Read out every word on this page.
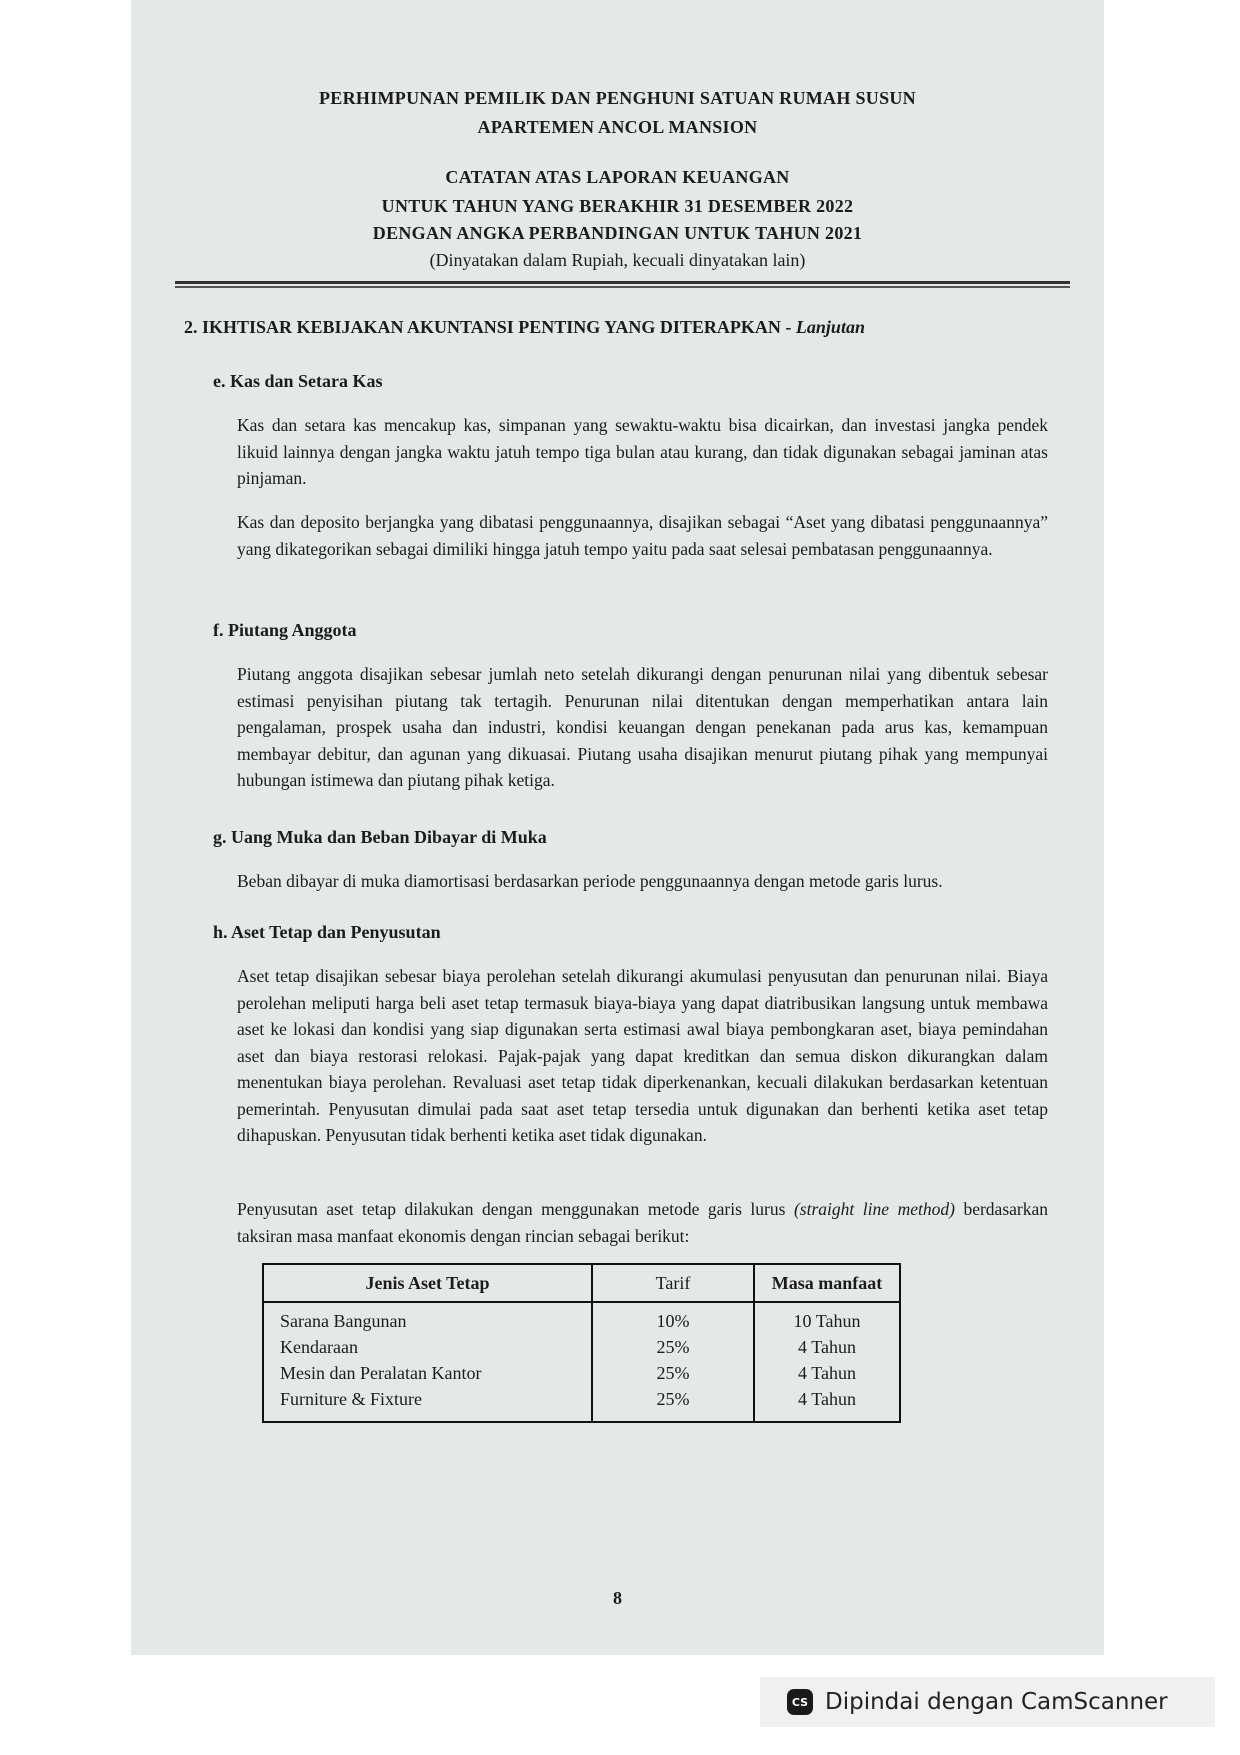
PERHIMPUNAN PEMILIK DAN PENGHUNI SATUAN RUMAH SUSUN
APARTEMEN ANCOL MANSION
CATATAN ATAS LAPORAN KEUANGAN
UNTUK TAHUN YANG BERAKHIR 31 DESEMBER 2022
DENGAN ANGKA PERBANDINGAN UNTUK TAHUN 2021
(Dinyatakan dalam Rupiah, kecuali dinyatakan lain)
2. IKHTISAR KEBIJAKAN AKUNTANSI PENTING YANG DITERAPKAN - Lanjutan
e. Kas dan Setara Kas

Kas dan setara kas mencakup kas, simpanan yang sewaktu-waktu bisa dicairkan, dan investasi jangka pendek likuid lainnya dengan jangka waktu jatuh tempo tiga bulan atau kurang, dan tidak digunakan sebagai jaminan atas pinjaman.

Kas dan deposito berjangka yang dibatasi penggunaannya, disajikan sebagai “Aset yang dibatasi penggunaannya” yang dikategorikan sebagai dimiliki hingga jatuh tempo yaitu pada saat selesai pembatasan penggunaannya.

f. Piutang Anggota

Piutang anggota disajikan sebesar jumlah neto setelah dikurangi dengan penurunan nilai yang dibentuk sebesar estimasi penyisihan piutang tak tertagih. Penurunan nilai ditentukan dengan memperhatikan antara lain pengalaman, prospek usaha dan industri, kondisi keuangan dengan penekanan pada arus kas, kemampuan membayar debitur, dan agunan yang dikuasai. Piutang usaha disajikan menurut piutang pihak yang mempunyai hubungan istimewa dan piutang pihak ketiga.

g. Uang Muka dan Beban Dibayar di Muka

Beban dibayar di muka diamortisasi berdasarkan periode penggunaannya dengan metode garis lurus.

h. Aset Tetap dan Penyusutan

Aset tetap disajikan sebesar biaya perolehan setelah dikurangi akumulasi penyusutan dan penurunan nilai. Biaya perolehan meliputi harga beli aset tetap termasuk biaya-biaya yang dapat diatribusikan langsung untuk membawa aset ke lokasi dan kondisi yang siap digunakan serta estimasi awal biaya pembongkaran aset, biaya pemindahan aset dan biaya restorasi relokasi. Pajak-pajak yang dapat kreditkan dan semua diskon dikurangkan dalam menentukan biaya perolehan. Revaluasi aset tetap tidak diperkenankan, kecuali dilakukan berdasarkan ketentuan pemerintah. Penyusutan dimulai pada saat aset tetap tersedia untuk digunakan dan berhenti ketika aset tetap dihapuskan. Penyusutan tidak berhenti ketika aset tidak digunakan.

Penyusutan aset tetap dilakukan dengan menggunakan metode garis lurus (straight line method) berdasarkan taksiran masa manfaat ekonomis dengan rincian sebagai berikut:

Jenis Aset Tetap	Tarif	Masa manfaat
Sarana Bangunan	10%	10 Tahun
Kendaraan	25%	4 Tahun
Mesin dan Peralatan Kantor	25%	4 Tahun
Furniture & Fixture	25%	4 Tahun
8
CS Dipindai dengan CamScanner
